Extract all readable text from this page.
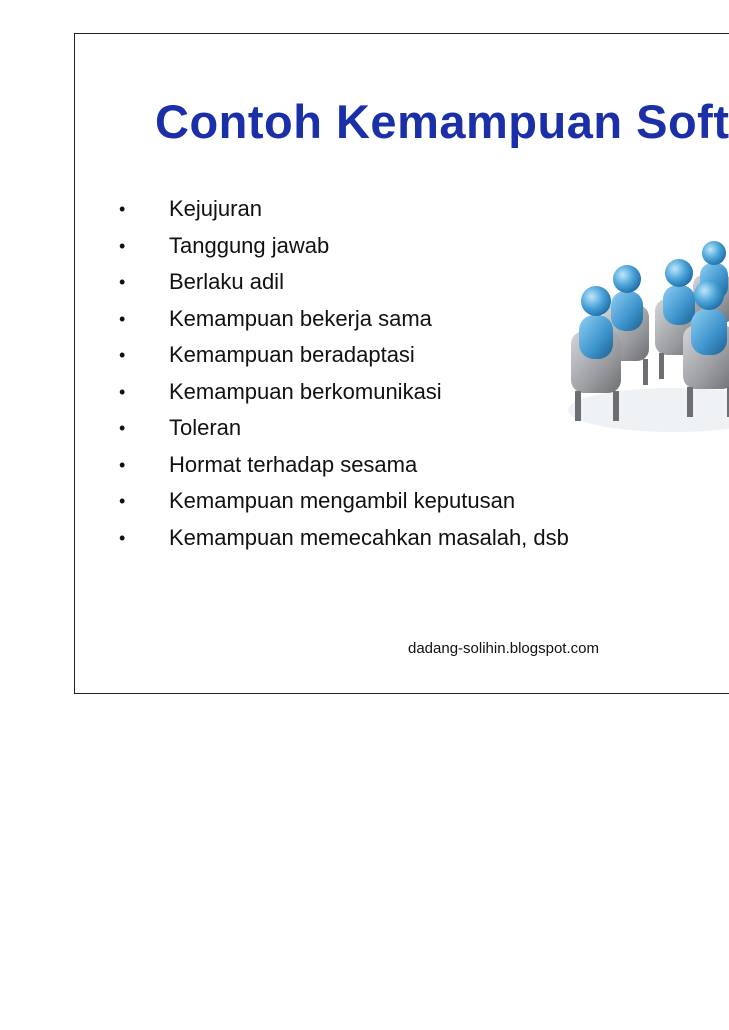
Contoh Kemampuan Soft
•	Kejujuran
•	Tanggung jawab
•	Berlaku adil
•	Kemampuan bekerja sama
•	Kemampuan beradaptasi
•	Kemampuan berkomunikasi
•	Toleran
•	Hormat terhadap sesama
•	Kemampuan mengambil keputusan
•	Kemampuan memecahkan masalah, dsb
dadang-solihin.blogspot.com
